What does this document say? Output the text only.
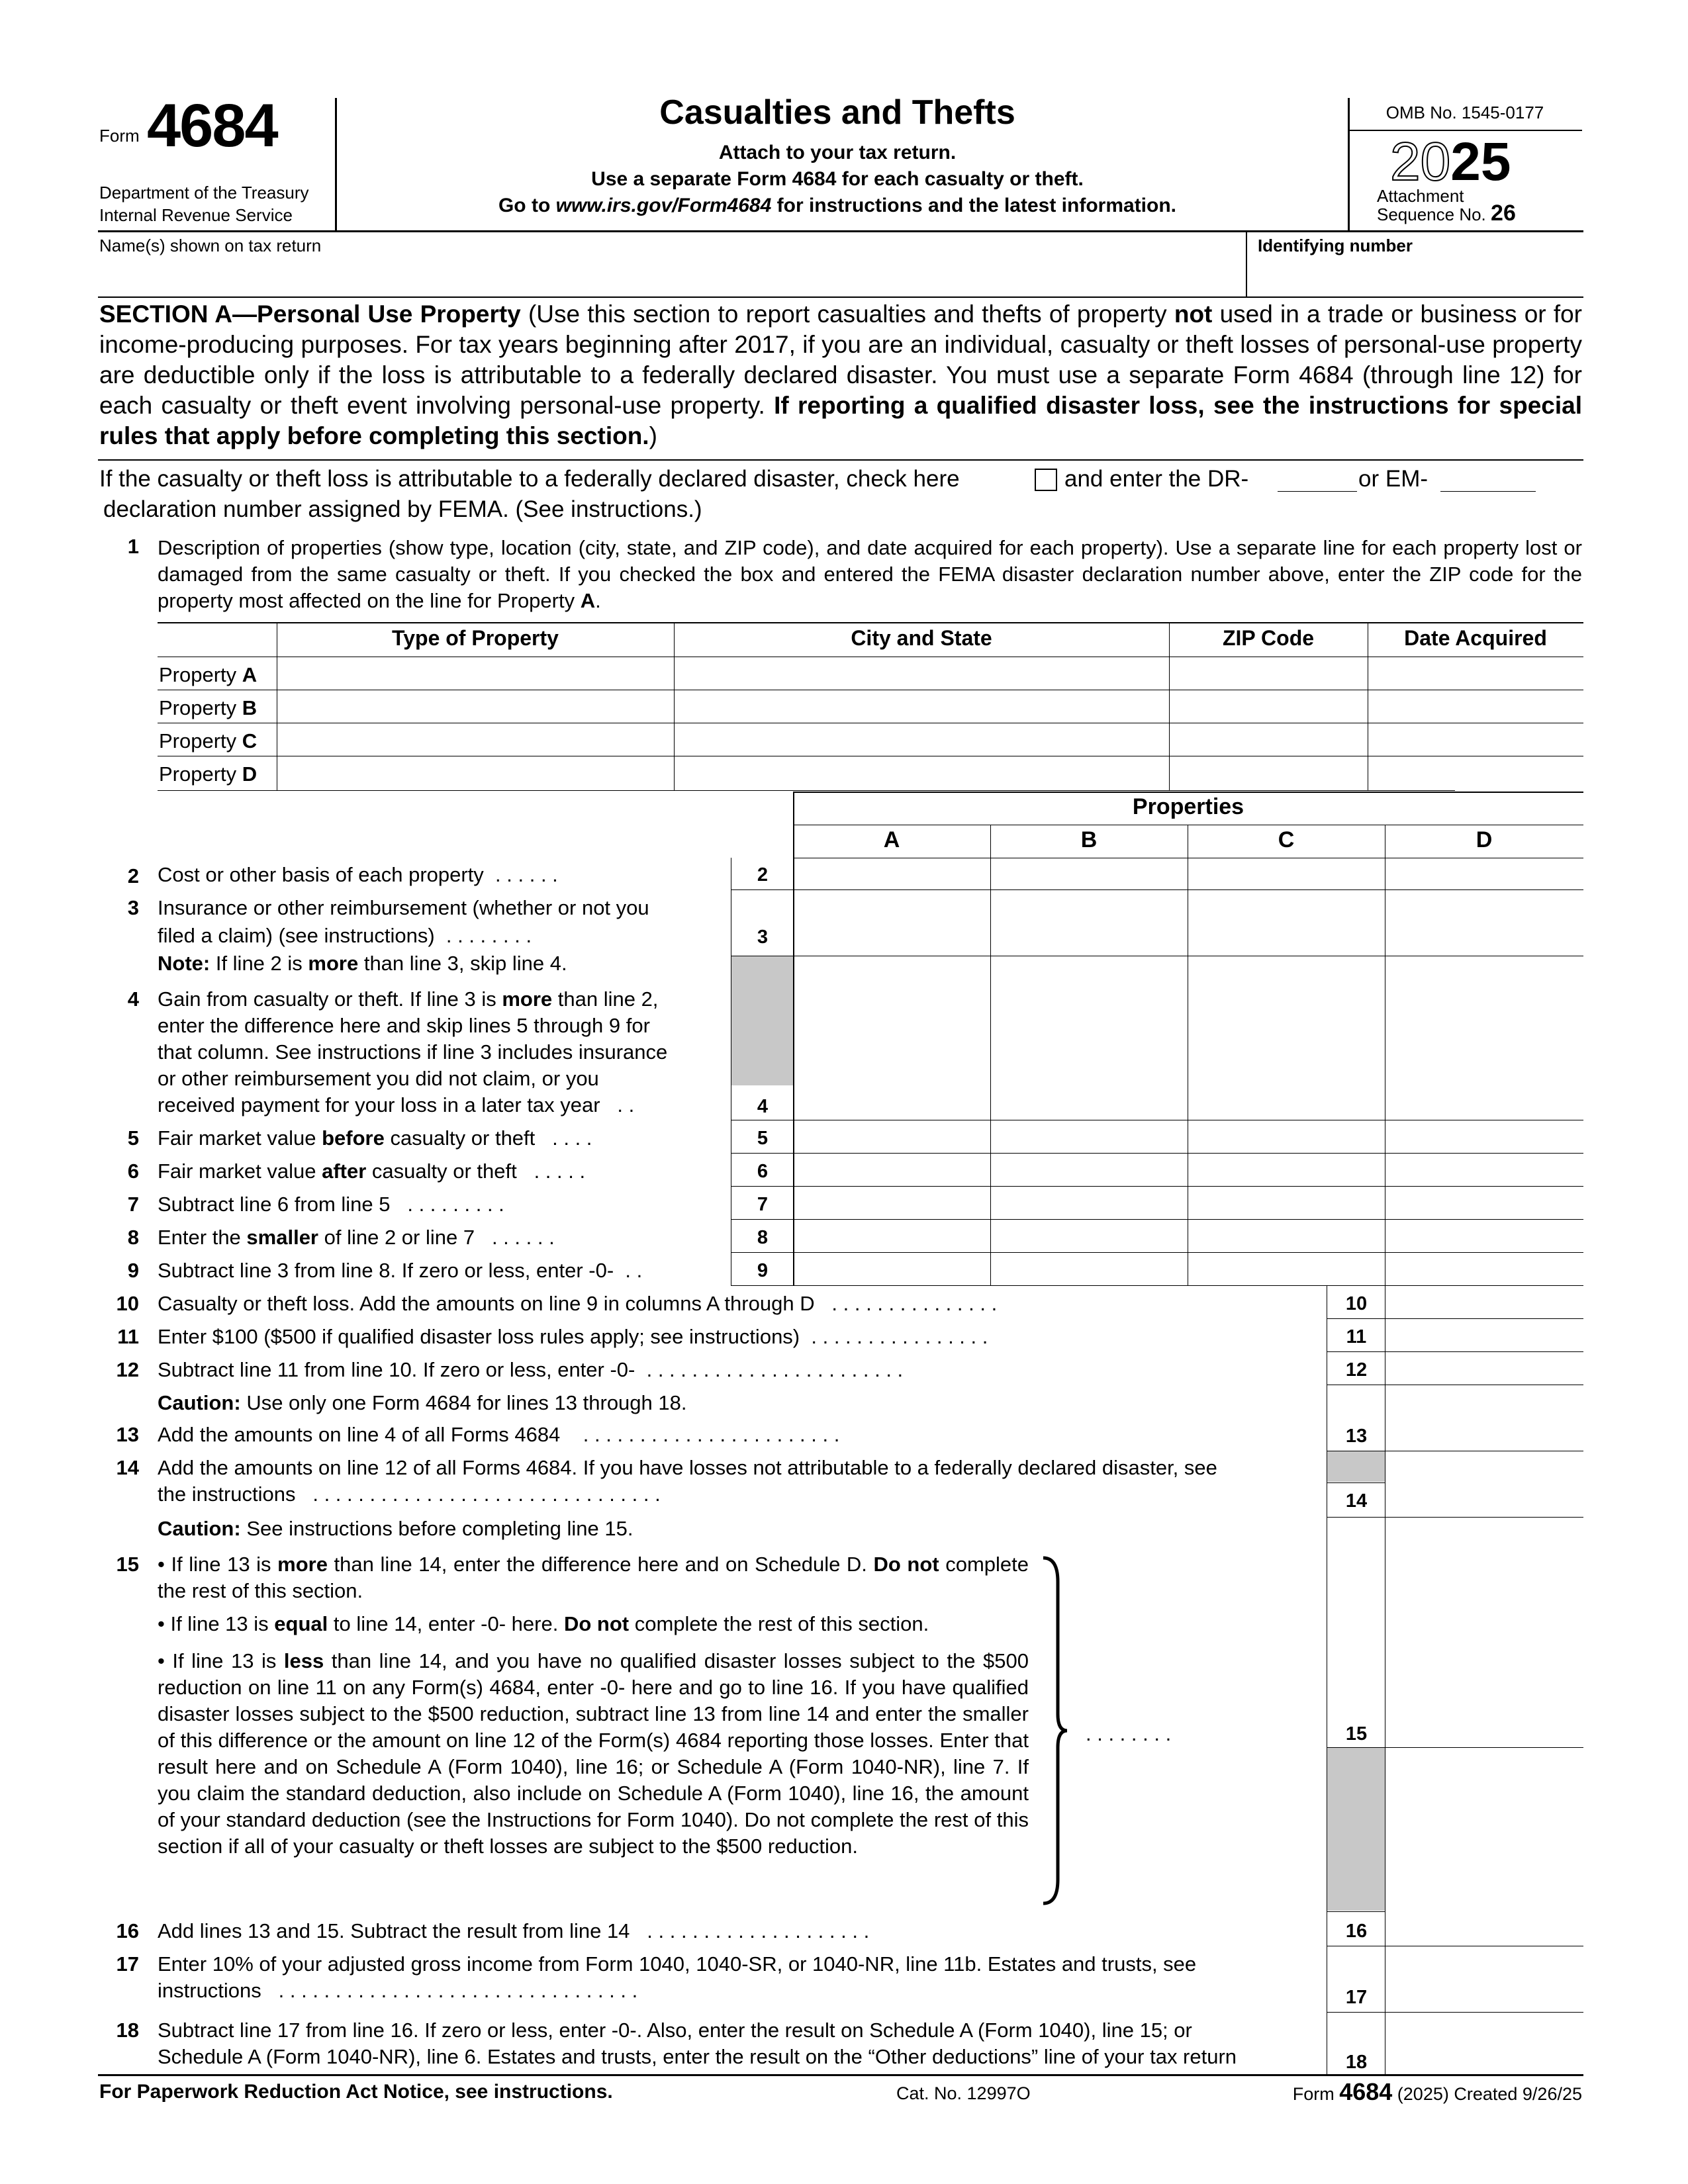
Form 4684
Department of the Treasury
Internal Revenue Service
Casualties and Thefts
Attach to your tax return.
Use a separate Form 4684 for each casualty or theft.
Go to www.irs.gov/Form4684 for instructions and the latest information.
OMB No. 1545-0177
2025
Attachment
Sequence No. 26
Name(s) shown on tax return	Identifying number
SECTION A—Personal Use Property (Use this section to report casualties and thefts of property not used in a trade or business or for income-producing purposes. For tax years beginning after 2017, if you are an individual, casualty or theft losses of personal-use property are deductible only if the loss is attributable to a federally declared disaster. You must use a separate Form 4684 (through line 12) for each casualty or theft event involving personal-use property. If reporting a qualified disaster loss, see the instructions for special rules that apply before completing this section.)
If the casualty or theft loss is attributable to a federally declared disaster, check here	and enter the DR-	or EM-
declaration number assigned by FEMA. (See instructions.)
1 Description of properties (show type, location (city, state, and ZIP code), and date acquired for each property). Use a separate line for each property lost or damaged from the same casualty or theft. If you checked the box and entered the FEMA disaster declaration number above, enter the ZIP code for the property most affected on the line for Property A.
Type of Property	City and State	ZIP Code	Date Acquired
Property A
Property B
Property C
Property D
Properties
A	B	C	D
2 Cost or other basis of each property . . . . . .	2
3 Insurance or other reimbursement (whether or not you
filed a claim) (see instructions) . . . . . . . .	3
Note: If line 2 is more than line 3, skip line 4.
4 Gain from casualty or theft. If line 3 is more than line 2,
enter the difference here and skip lines 5 through 9 for
that column. See instructions if line 3 includes insurance
or other reimbursement you did not claim, or you
received payment for your loss in a later tax year . .	4
5 Fair market value before casualty or theft . . . .	5
6 Fair market value after casualty or theft . . . . .	6
7 Subtract line 6 from line 5 . . . . . . . . .	7
8 Enter the smaller of line 2 or line 7 . . . . . .	8
9 Subtract line 3 from line 8. If zero or less, enter -0- . .	9
10 Casualty or theft loss. Add the amounts on line 9 in columns A through D . . . . . . . . . . . . . . .	10
11 Enter $100 ($500 if qualified disaster loss rules apply; see instructions) . . . . . . . . . . . . . . . .	11
12 Subtract line 11 from line 10. If zero or less, enter -0- . . . . . . . . . . . . . . . . . . . . . . .	12
Caution: Use only one Form 4684 for lines 13 through 18.
13 Add the amounts on line 4 of all Forms 4684 . . . . . . . . . . . . . . . . . . . . . . .	13
14 Add the amounts on line 12 of all Forms 4684. If you have losses not attributable to a federally declared disaster, see
the instructions . . . . . . . . . . . . . . . . . . . . . . . . . . . . . . .	14
Caution: See instructions before completing line 15.
15 • If line 13 is more than line 14, enter the difference here and on Schedule D. Do not complete the rest of this section.
• If line 13 is equal to line 14, enter -0- here. Do not complete the rest of this section.
• If line 13 is less than line 14, and you have no qualified disaster losses subject to the $500 reduction on line 11 on any Form(s) 4684, enter -0- here and go to line 16. If you have qualified disaster losses subject to the $500 reduction, subtract line 13 from line 14 and enter the smaller of this difference or the amount on line 12 of the Form(s) 4684 reporting those losses. Enter that result here and on Schedule A (Form 1040), line 16; or Schedule A (Form 1040-NR), line 7. If you claim the standard deduction, also include on Schedule A (Form 1040), line 16, the amount of your standard deduction (see the Instructions for Form 1040). Do not complete the rest of this section if all of your casualty or theft losses are subject to the $500 reduction.
. . . . . . . .	15
16 Add lines 13 and 15. Subtract the result from line 14 . . . . . . . . . . . . . . . . . . . .	16
17 Enter 10% of your adjusted gross income from Form 1040, 1040-SR, or 1040-NR, line 11b. Estates and trusts, see
instructions . . . . . . . . . . . . . . . . . . . . . . . . . . . . . . . .	17
18 Subtract line 17 from line 16. If zero or less, enter -0-. Also, enter the result on Schedule A (Form 1040), line 15; or
Schedule A (Form 1040-NR), line 6. Estates and trusts, enter the result on the “Other deductions” line of your tax return	18
For Paperwork Reduction Act Notice, see instructions.	Cat. No. 12997O	Form 4684 (2025) Created 9/26/25
